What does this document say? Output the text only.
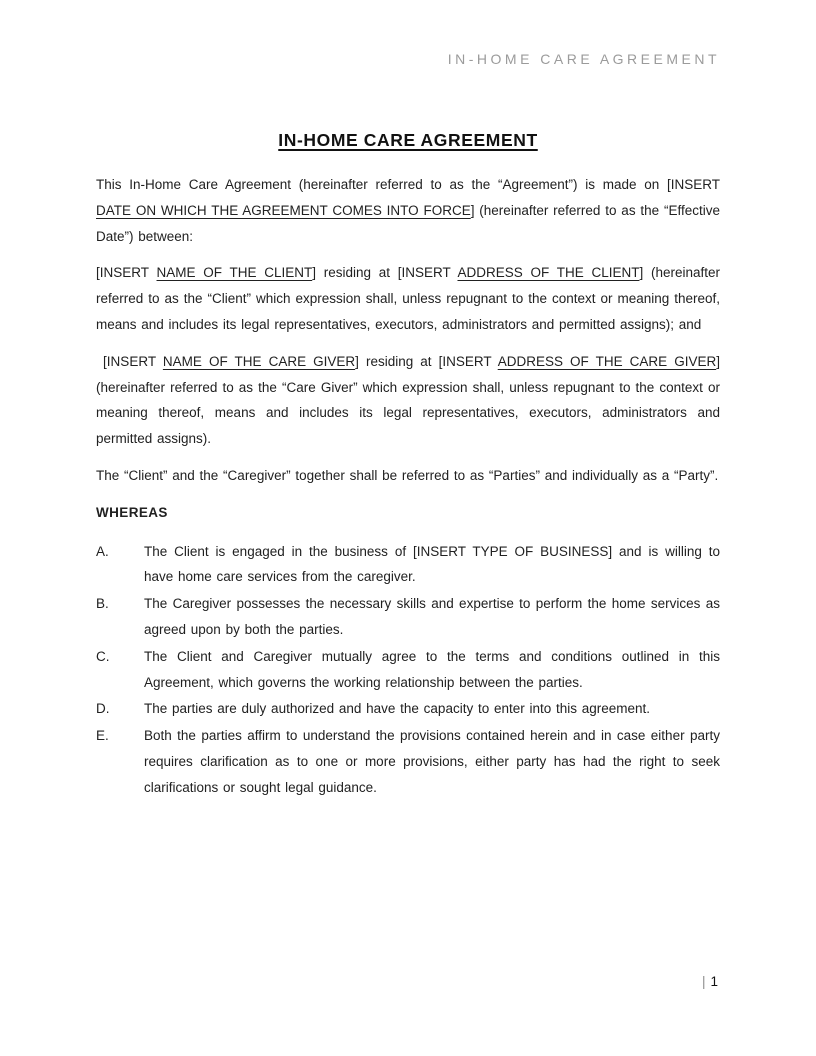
IN-HOME CARE AGREEMENT
IN-HOME CARE AGREEMENT

This In-Home Care Agreement (hereinafter referred to as the “Agreement”) is made on [INSERT DATE ON WHICH THE AGREEMENT COMES INTO FORCE] (hereinafter referred to as the “Effective Date”) between:

[INSERT NAME OF THE CLIENT] residing at [INSERT ADDRESS OF THE CLIENT] (hereinafter referred to as the “Client” which expression shall, unless repugnant to the context or meaning thereof, means and includes its legal representatives, executors, administrators and permitted assigns); and

[INSERT NAME OF THE CARE GIVER] residing at [INSERT ADDRESS OF THE CARE GIVER] (hereinafter referred to as the “Care Giver” which expression shall, unless repugnant to the context or meaning thereof, means and includes its legal representatives, executors, administrators and permitted assigns).

The “Client” and the “Caregiver” together shall be referred to as “Parties” and individually as a “Party”.

WHEREAS
A.	The Client is engaged in the business of [INSERT TYPE OF BUSINESS] and is willing to have home care services from the caregiver.
B.	The Caregiver possesses the necessary skills and expertise to perform the home services as agreed upon by both the parties.
C.	The Client and Caregiver mutually agree to the terms and conditions outlined in this Agreement, which governs the working relationship between the parties.
D.	The parties are duly authorized and have the capacity to enter into this agreement.
E.	Both the parties affirm to understand the provisions contained herein and in case either party requires clarification as to one or more provisions, either party has had the right to seek clarifications or sought legal guidance.
| 1
